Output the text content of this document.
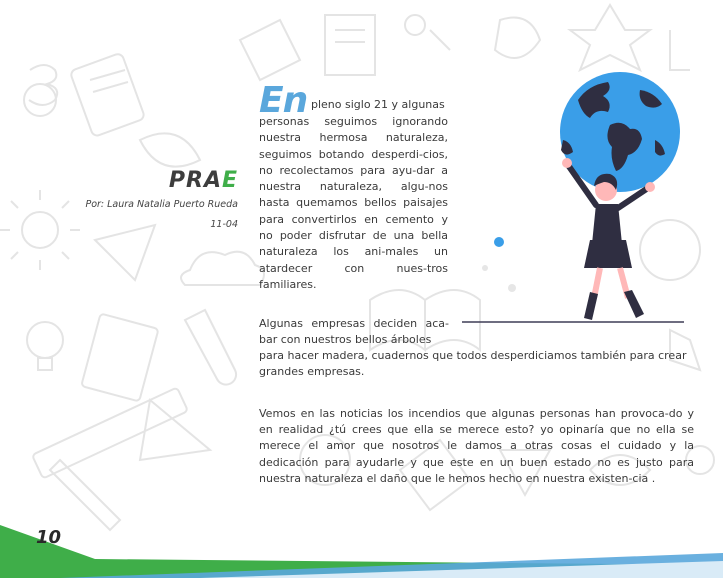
PRAE
Por: Laura Natalia Puerto Rueda
11-04
En pleno siglo 21 y algunas
personas seguimos ignorando nuestra hermosa naturaleza, seguimos botando desperdi-cios, no recolectamos para ayu-dar a nuestra naturaleza, algu-nos hasta quemamos bellos paisajes para convertirlos en cemento y no poder disfrutar de una bella naturaleza los ani-males un atardecer con nues-tros familiares.
Algunas empresas deciden aca-bar con nuestros bellos árboles
para hacer madera, cuadernos que todos desperdiciamos también para crear grandes empresas.
Vemos en las noticias los incendios que algunas personas han provoca-do y en realidad ¿tú crees que ella se merece esto? yo opinaría que no ella se merece el amor que nosotros le damos a otras cosas el cuidado y la dedicación para ayudarle y que este en un buen estado no es justo para nuestra naturaleza el daño que le hemos hecho en nuestra existen-cia .
10
